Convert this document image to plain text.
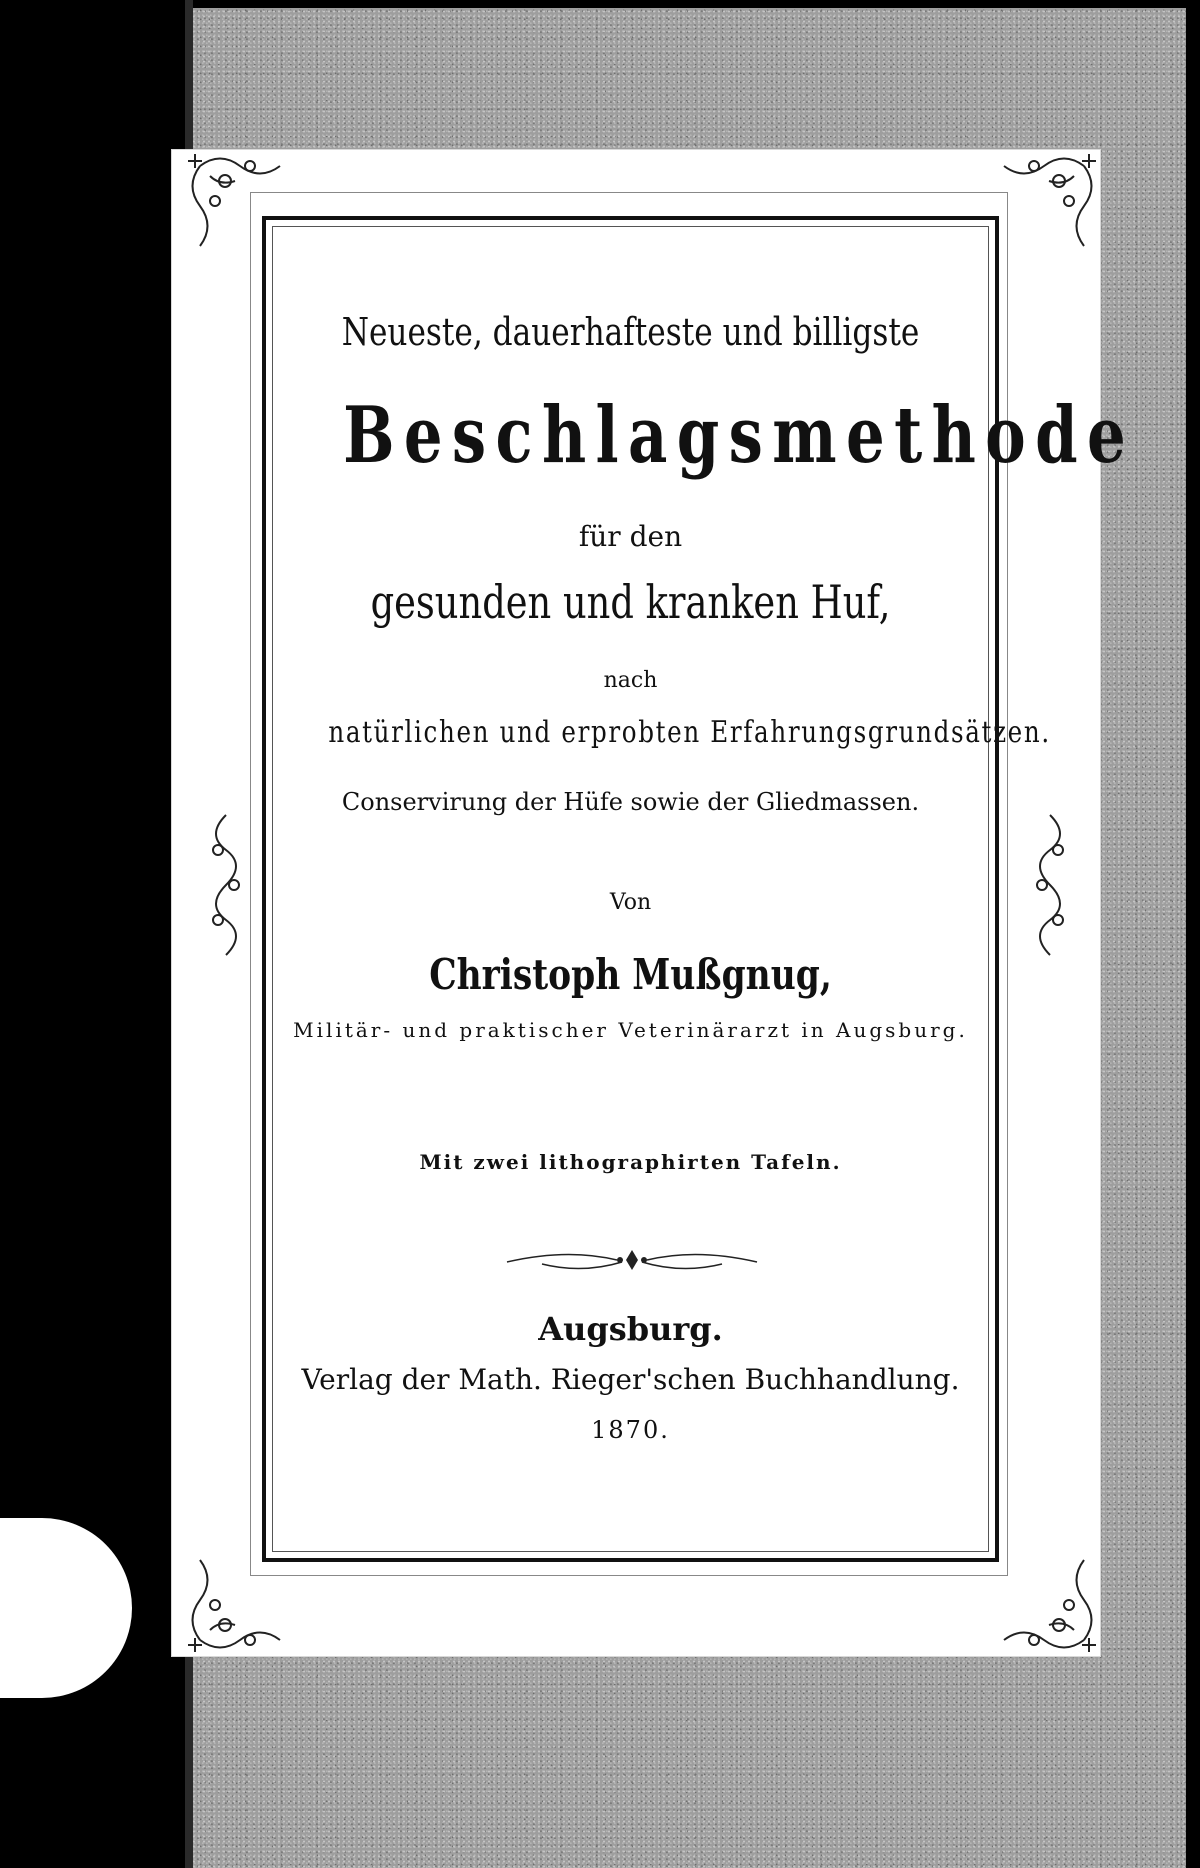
Neueste, dauerhafteste und billigste

Beschlagsmethode

für den

gesunden und kranken Huf,

nach

natürlichen und erprobten Erfahrungsgrundsätzen.

Conservirung der Hüfe sowie der Gliedmassen.

Von

Christoph Mußgnug,

Militär- und praktischer Veterinärarzt in Augsburg.

Mit zwei lithographirten Tafeln.

Augsburg.

Verlag der Math. Rieger'schen Buchhandlung.

1870.
